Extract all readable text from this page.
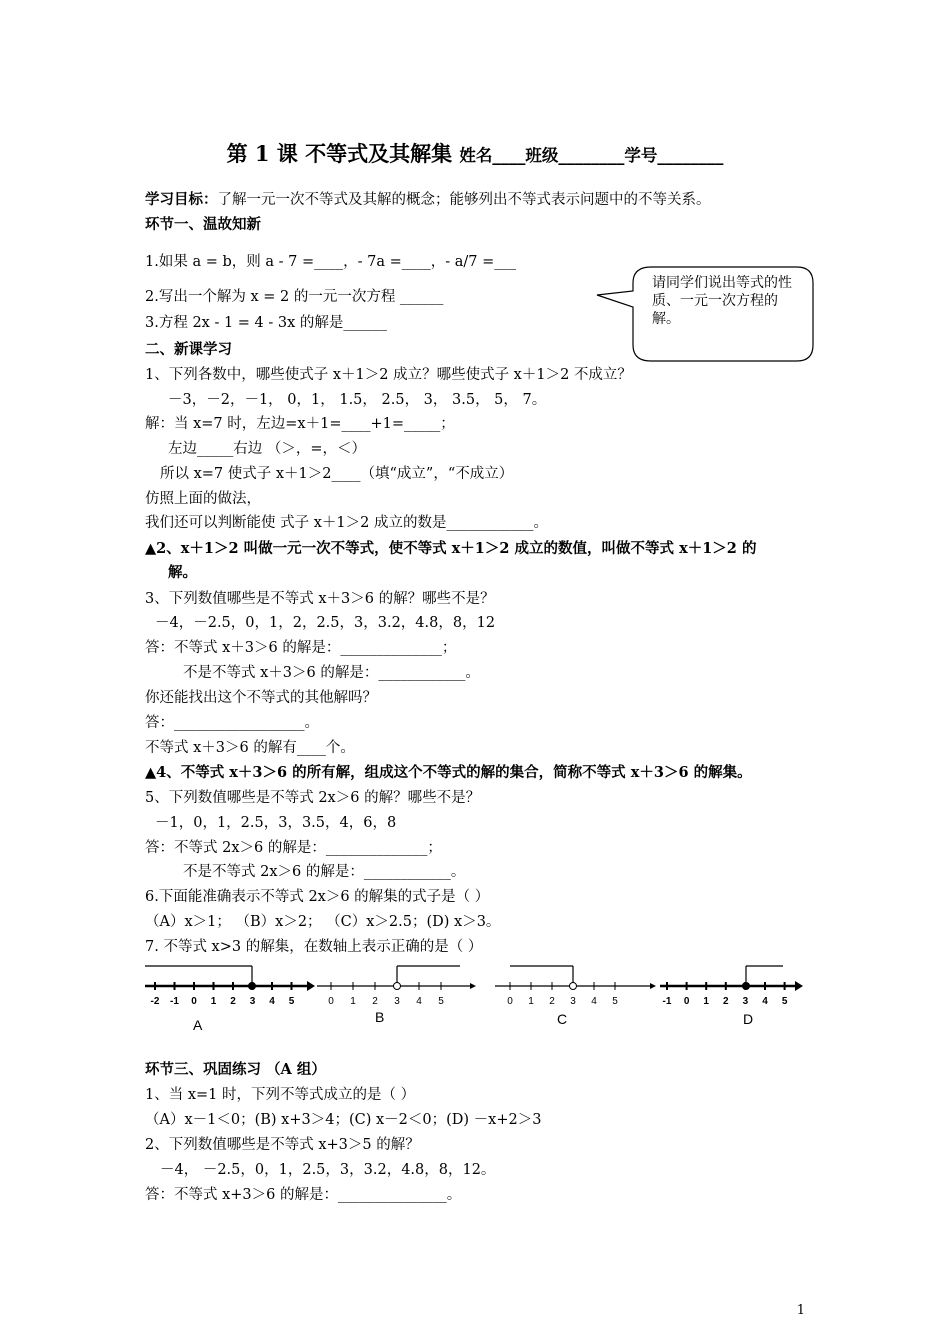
第 1 课 不等式及其解集 姓名____班级________学号________
学习目标：了解一元一次不等式及其解的概念；能够列出不等式表示问题中的不等关系。
环节一、温故知新
1.如果 a = b，则 a - 7 =____，- 7a =____，- a/7 =___
2.写出一个解为 x = 2 的一元一次方程 ______
3.方程 2x - 1 = 4 - 3x 的解是______
请同学们说出等式的性质、一元一次方程的解。
二、新课学习
1、下列各数中，哪些使式子 x＋1＞2 成立？哪些使式子 x＋1＞2 不成立？
－3，－2，－1， 0，1， 1.5， 2.5， 3， 3.5， 5， 7。
解：当 x=7 时，左边=x＋1=____+1=_____；
左边_____右边 （＞，=，＜）
所以 x=7 使式子 x＋1＞2____（填“成立”，“不成立）
仿照上面的做法，
我们还可以判断能使 式子 x＋1＞2 成立的数是____________。
▲2、x＋1＞2 叫做一元一次不等式，使不等式 x＋1＞2 成立的数值，叫做不等式 x＋1＞2 的
解。
3、下列数值哪些是不等式 x＋3＞6 的解？哪些不是？
－4，－2.5，0，1，2，2.5，3，3.2，4.8，8，12
答：不等式 x＋3＞6 的解是：______________；
不是不等式 x＋3＞6 的解是：____________。
你还能找出这个不等式的其他解吗？
答：__________________。
不等式 x＋3＞6 的解有____个。
▲4、不等式 x＋3＞6 的所有解，组成这个不等式的解的集合，简称不等式 x＋3＞6 的解集。
5、下列数值哪些是不等式 2x＞6 的解？哪些不是？
－1，0，1，2.5，3，3.5，4，6，8
答：不等式 2x＞6 的解是：______________；
不是不等式 2x＞6 的解是：____________。
6.下面能准确表示不等式 2x＞6 的解集的式子是（ ）
（A）x＞1； （B）x＞2； （C）x＞2.5；(D) x＞3。
7. 不等式 x>3 的解集，在数轴上表示正确的是（ ）
-2 -1 0 1 2 3 4 5
A
0 1 2 3 4 5
B
0 1 2 3 4 5
C
-1 0 1 2 3 4 5
D
环节三、巩固练习 （A 组）
1、当 x=1 时，下列不等式成立的是（ ）
（A）x－1＜0；(B) x+3＞4；(C) x－2＜0；(D) －x+2＞3
2、下列数值哪些是不等式 x+3＞5 的解？
－4， －2.5，0，1，2.5，3，3.2，4.8，8，12。
答：不等式 x+3＞6 的解是：_______________。
1
